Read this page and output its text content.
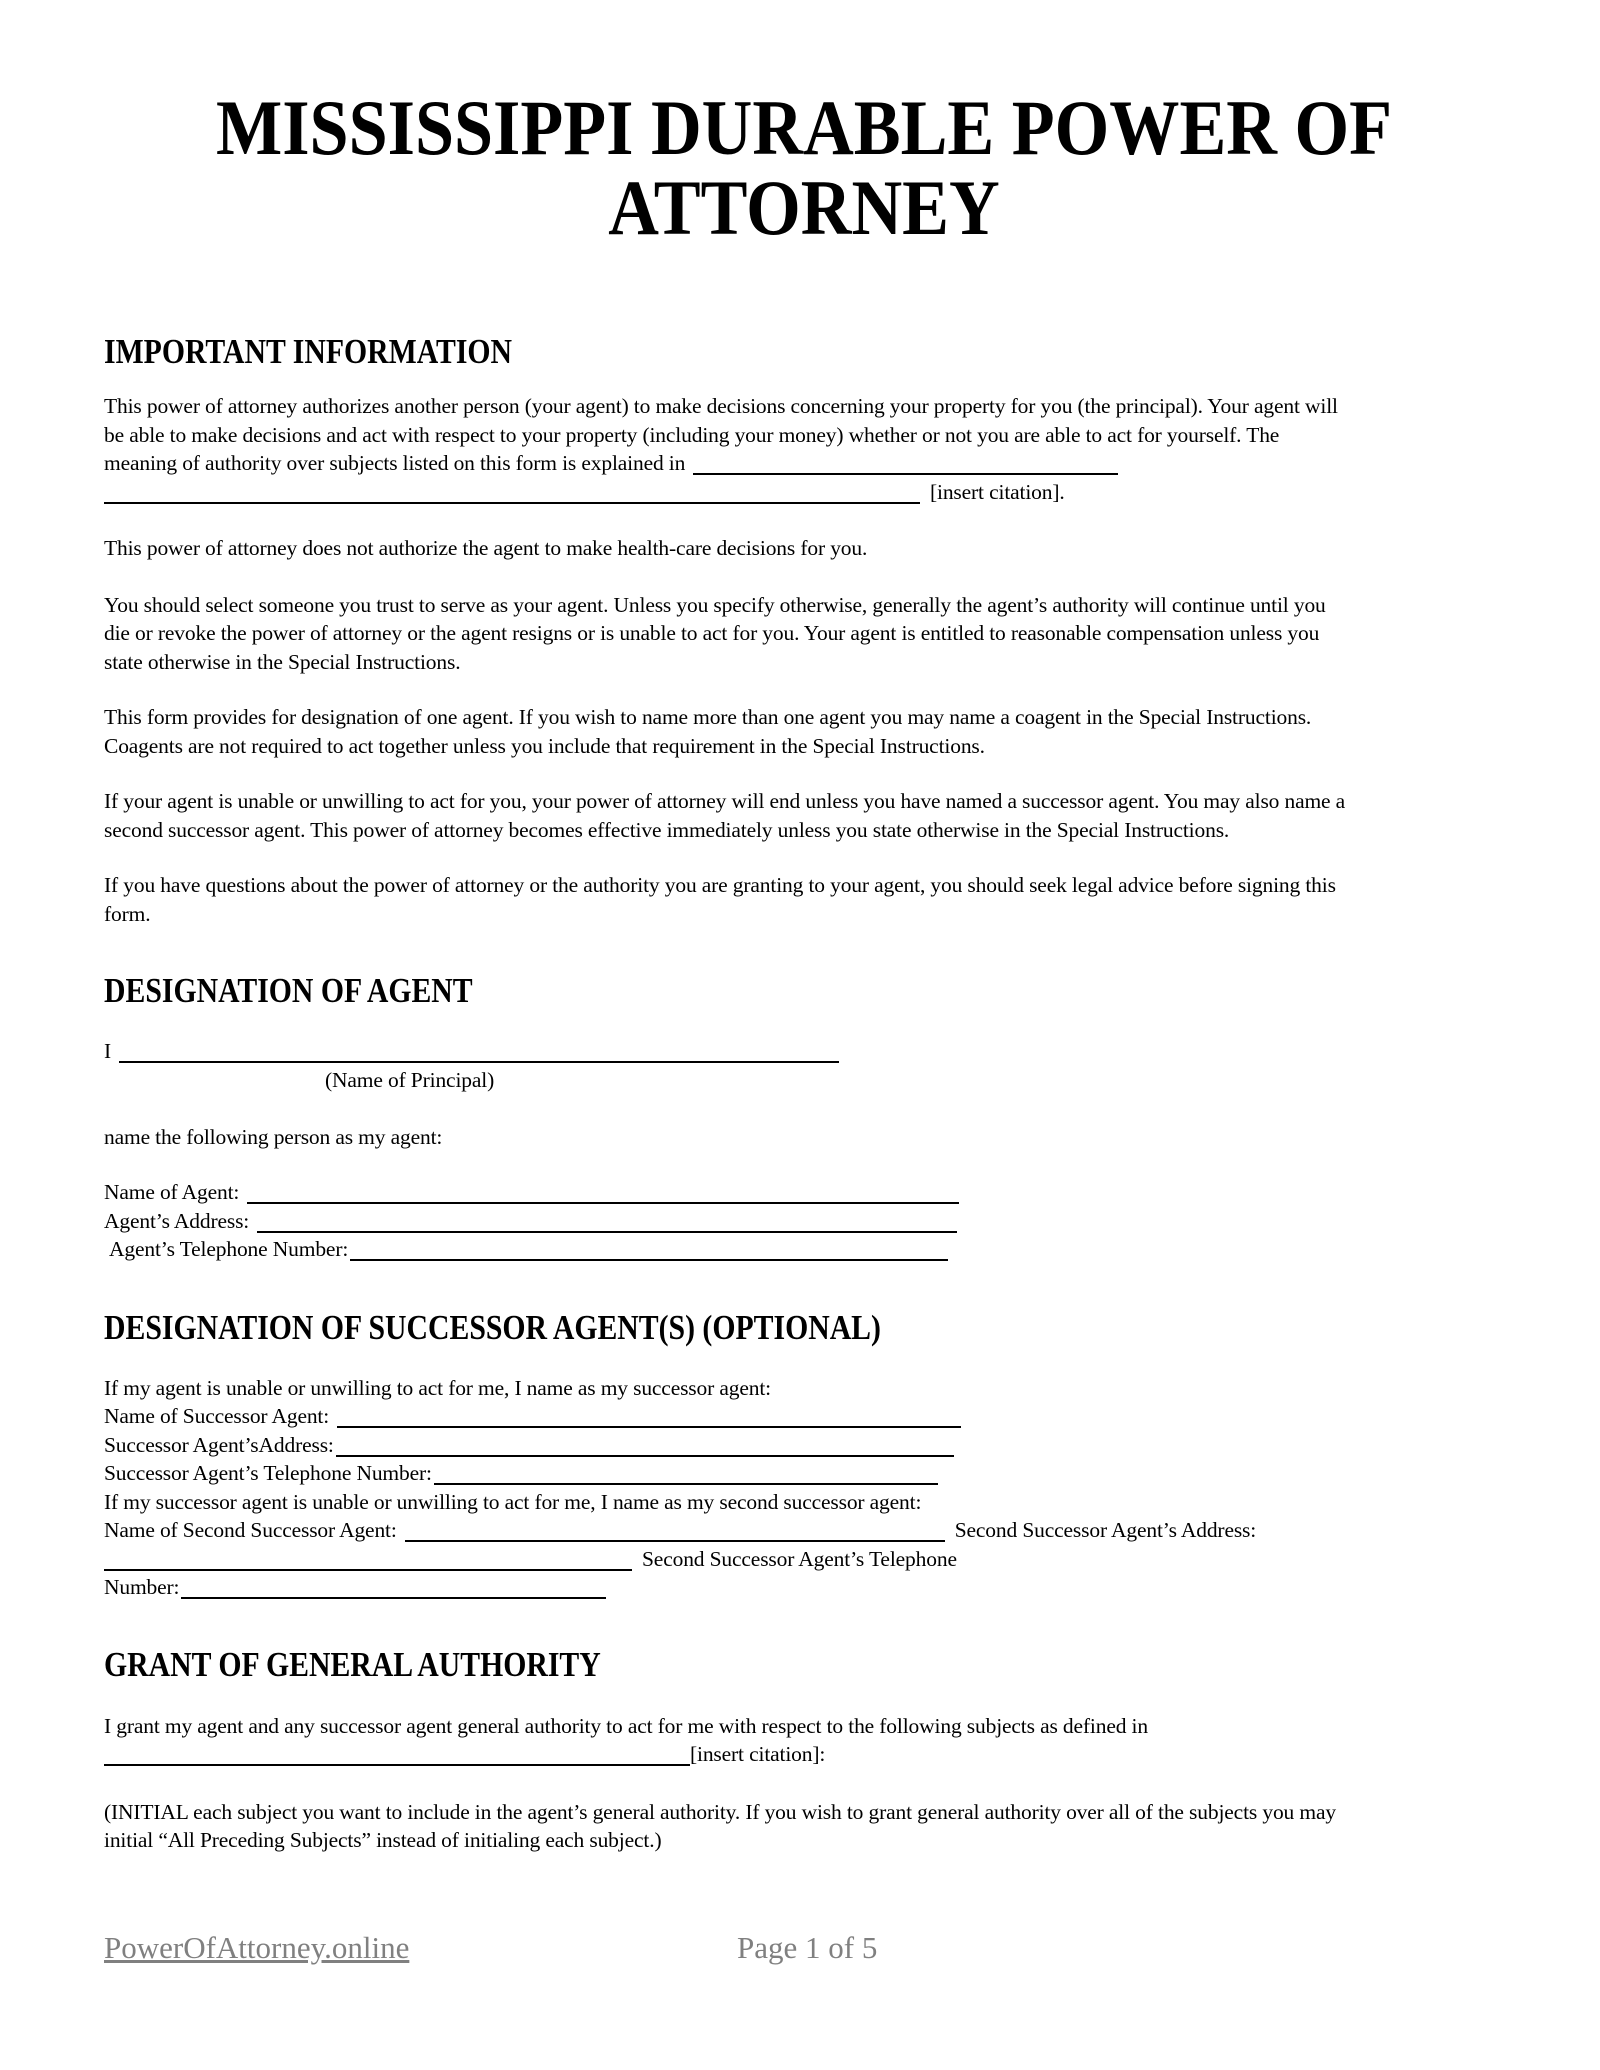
MISSISSIPPI DURABLE POWER OF
ATTORNEY
IMPORTANT INFORMATION
This power of attorney authorizes another person (your agent) to make decisions concerning your property for you (the principal). Your agent will
be able to make decisions and act with respect to your property (including your money) whether or not you are able to act for yourself. The
meaning of authority over subjects listed on this form is explained in
[insert citation].
This power of attorney does not authorize the agent to make health-care decisions for you.
You should select someone you trust to serve as your agent. Unless you specify otherwise, generally the agent’s authority will continue until you
die or revoke the power of attorney or the agent resigns or is unable to act for you. Your agent is entitled to reasonable compensation unless you
state otherwise in the Special Instructions.
This form provides for designation of one agent. If you wish to name more than one agent you may name a coagent in the Special Instructions.
Coagents are not required to act together unless you include that requirement in the Special Instructions.
If your agent is unable or unwilling to act for you, your power of attorney will end unless you have named a successor agent. You may also name a
second successor agent. This power of attorney becomes effective immediately unless you state otherwise in the Special Instructions.
If you have questions about the power of attorney or the authority you are granting to your agent, you should seek legal advice before signing this
form.
DESIGNATION OF AGENT
I
(Name of Principal)
name the following person as my agent:
Name of Agent:
Agent’s Address:
Agent’s Telephone Number:
DESIGNATION OF SUCCESSOR AGENT(S) (OPTIONAL)
If my agent is unable or unwilling to act for me, I name as my successor agent:
Name of Successor Agent:
Successor Agent’sAddress:
Successor Agent’s Telephone Number:
If my successor agent is unable or unwilling to act for me, I name as my second successor agent:
Name of Second Successor Agent:	Second Successor Agent’s Address:
Second Successor Agent’s Telephone
Number:
GRANT OF GENERAL AUTHORITY
I grant my agent and any successor agent general authority to act for me with respect to the following subjects as defined in
[insert citation]:
(INITIAL each subject you want to include in the agent’s general authority. If you wish to grant general authority over all of the subjects you may
initial “All Preceding Subjects” instead of initialing each subject.)
PowerOfAttorney.online	Page 1 of 5
